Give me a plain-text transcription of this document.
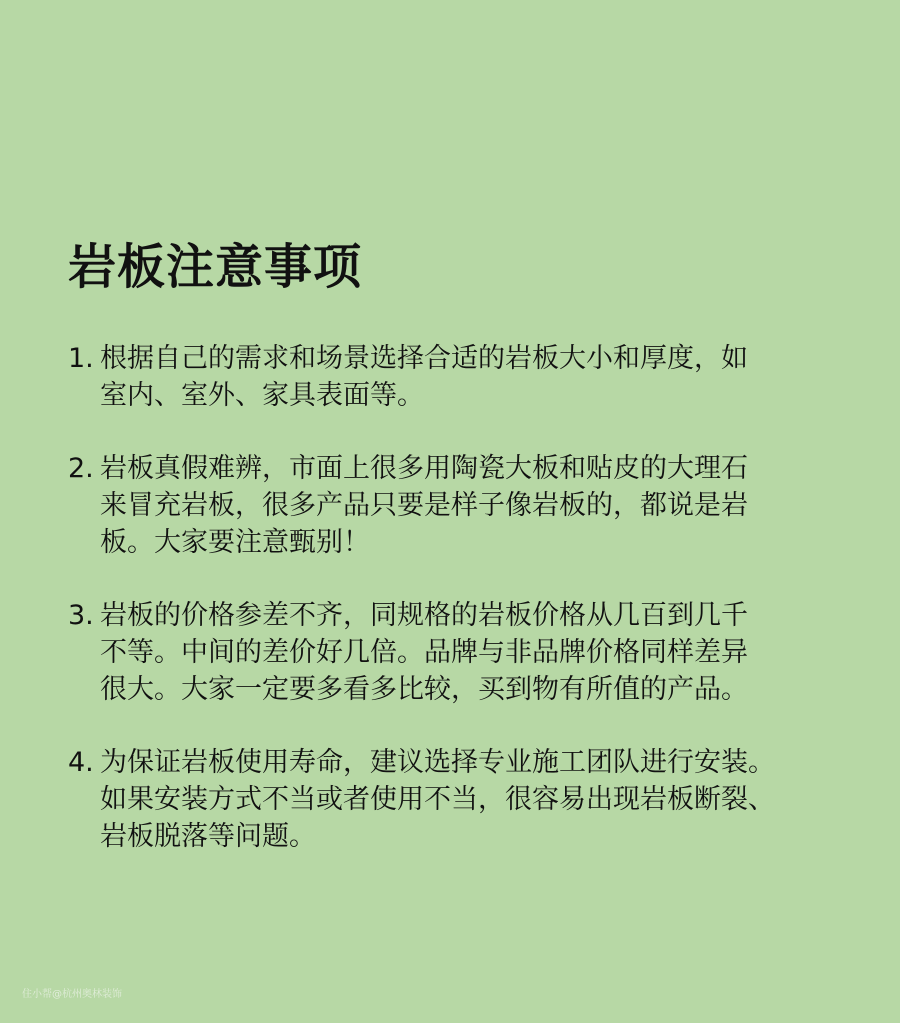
岩板注意事项
1. 根据自己的需求和场景选择合适的岩板大小和厚度，如
室内、室外、家具表面等。
2. 岩板真假难辨，市面上很多用陶瓷大板和贴皮的大理石
来冒充岩板，很多产品只要是样子像岩板的，都说是岩
板。大家要注意甄别！
3. 岩板的价格参差不齐，同规格的岩板价格从几百到几千
不等。中间的差价好几倍。品牌与非品牌价格同样差异
很大。大家一定要多看多比较，买到物有所值的产品。
4. 为保证岩板使用寿命，建议选择专业施工团队进行安装。
如果安装方式不当或者使用不当，很容易出现岩板断裂、
岩板脱落等问题。
住小帮@杭州奥林装饰
